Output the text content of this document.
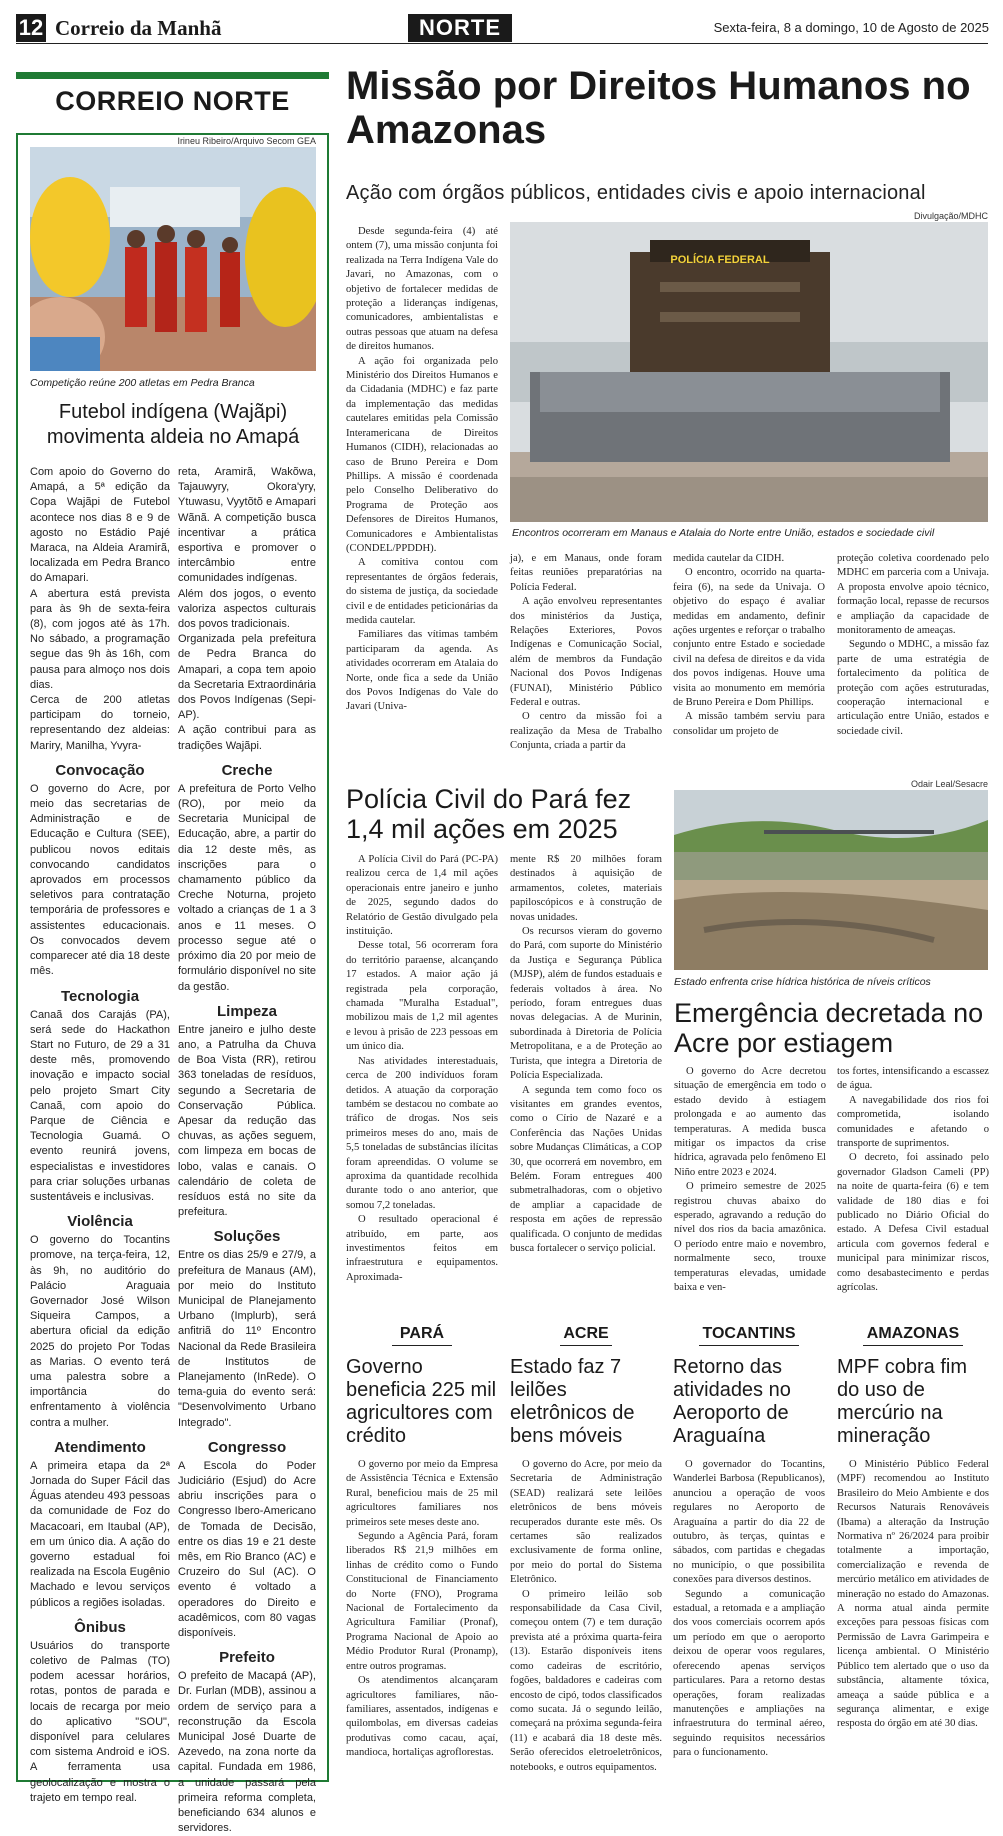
12 Correio da Manhã	NORTE	Sexta-feira, 8 a domingo, 10 de Agosto de 2025
CORREIO NORTE
Irineu Ribeiro/Arquivo Secom GEA
Competição reúne 200 atletas em Pedra Branca
Futebol indígena (Wajãpi) movimenta aldeia no Amapá

Com apoio do Governo do Amapá, a 5ª edição da Copa Wajãpi de Futebol acontece nos dias 8 e 9 de agosto no Estádio Pajé Maraca, na Aldeia Aramirã, localizada em Pedra Branco do Amapari.

A abertura está prevista para às 9h de sexta-feira (8), com jogos até às 17h. No sábado, a programação segue das 9h às 16h, com pausa para almoço nos dois dias.

Cerca de 200 atletas participam do torneio, representando dez aldeias: Mariry, Manilha, Yvyra-

Convocação

O governo do Acre, por meio das secretarias de Administração e de Educação e Cultura (SEE), publicou novos editais convocando candidatos aprovados em processos seletivos para contratação temporária de professores e assistentes educacionais. Os convocados devem comparecer até dia 18 deste mês.

Tecnologia

Canaã dos Carajás (PA), será sede do Hackathon Start no Futuro, de 29 a 31 deste mês, promovendo inovação e impacto social pelo projeto Smart City Canaã, com apoio do Parque de Ciência e Tecnologia Guamá. O evento reunirá jovens, especialistas e investidores para criar soluções urbanas sustentáveis e inclusivas.

Violência

O governo do Tocantins promove, na terça-feira, 12, às 9h, no auditório do Palácio Araguaia Governador José Wilson Siqueira Campos, a abertura oficial da edição 2025 do projeto Por Todas as Marias. O evento terá uma palestra sobre a importância do enfrentamento à violência contra a mulher.

Atendimento

A primeira etapa da 2ª Jornada do Super Fácil das Águas atendeu 493 pessoas da comunidade de Foz do Macacoari, em Itaubal (AP), em um único dia. A ação do governo estadual foi realizada na Escola Eugênio Machado e levou serviços públicos a regiões isoladas.

Ônibus

Usuários do transporte coletivo de Palmas (TO) podem acessar horários, rotas, pontos de parada e locais de recarga por meio do aplicativo "SOU", disponível para celulares com sistema Android e iOS. A ferramenta usa geolocalização e mostra o trajeto em tempo real.

reta, Aramirã, Wakõwa, Tajauwyry, Okora'yry, Ytuwasu, Vyytõtõ e Amapari Wãnã. A competição busca incentivar a prática esportiva e promover o intercâmbio entre comunidades indígenas.

Além dos jogos, o evento valoriza aspectos culturais dos povos tradicionais.

Organizada pela prefeitura de Pedra Branca do Amapari, a copa tem apoio da Secretaria Extraordinária dos Povos Indígenas (Sepi-AP).

A ação contribui para as tradições Wajãpi.

Creche

A prefeitura de Porto Velho (RO), por meio da Secretaria Municipal de Educação, abre, a partir do dia 12 deste mês, as inscrições para o chamamento público da Creche Noturna, projeto voltado a crianças de 1 a 3 anos e 11 meses. O processo segue até o próximo dia 20 por meio de formulário disponível no site da gestão.

Limpeza

Entre janeiro e julho deste ano, a Patrulha da Chuva de Boa Vista (RR), retirou 363 toneladas de resíduos, segundo a Secretaria de Conservação Pública. Apesar da redução das chuvas, as ações seguem, com limpeza em bocas de lobo, valas e canais. O calendário de coleta de resíduos está no site da prefeitura.

Soluções

Entre os dias 25/9 e 27/9, a prefeitura de Manaus (AM), por meio do Instituto Municipal de Planejamento Urbano (Implurb), será anfitriã do 11º Encontro Nacional da Rede Brasileira de Institutos de Planejamento (InRede). O tema-guia do evento será: "Desenvolvimento Urbano Integrado".

Congresso

A Escola do Poder Judiciário (Esjud) do Acre abriu inscrições para o Congresso Ibero-Americano de Tomada de Decisão, entre os dias 19 e 21 deste mês, em Rio Branco (AC) e Cruzeiro do Sul (AC). O evento é voltado a operadores do Direito e acadêmicos, com 80 vagas disponíveis.

Prefeito

O prefeito de Macapá (AP), Dr. Furlan (MDB), assinou a ordem de serviço para a reconstrução da Escola Municipal José Duarte de Azevedo, na zona norte da capital. Fundada em 1986, a unidade passará pela primeira reforma completa, beneficiando 634 alunos e servidores.

Missão por Direitos Humanos no Amazonas
Ação com órgãos públicos, entidades civis e apoio internacional
Divulgação/MDHC
POLÍCIA FEDERAL
Encontros ocorreram em Manaus e Atalaia do Norte entre União, estados e sociedade civil

Desde segunda-feira (4) até ontem (7), uma missão conjunta foi realizada na Terra Indígena Vale do Javari, no Amazonas, com o objetivo de fortalecer medidas de proteção a lideranças indígenas, comunicadores, ambientalistas e outras pessoas que atuam na defesa de direitos humanos.

A ação foi organizada pelo Ministério dos Direitos Humanos e da Cidadania (MDHC) e faz parte da implementação das medidas cautelares emitidas pela Comissão Interamericana de Direitos Humanos (CIDH), relacionadas ao caso de Bruno Pereira e Dom Phillips. A missão é coordenada pelo Conselho Deliberativo do Programa de Proteção aos Defensores de Direitos Humanos, Comunicadores e Ambientalistas (CONDEL/PPDDH).

A comitiva contou com representantes de órgãos federais, do sistema de justiça, da sociedade civil e de entidades peticionárias da medida cautelar.

Familiares das vítimas também participaram da agenda. As atividades ocorreram em Atalaia do Norte, onde fica a sede da União dos Povos Indígenas do Vale do Javari (Univa-

ja), e em Manaus, onde foram feitas reuniões preparatórias na Polícia Federal.

A ação envolveu representantes dos ministérios da Justiça, Relações Exteriores, Povos Indígenas e Comunicação Social, além de membros da Fundação Nacional dos Povos Indígenas (FUNAI), Ministério Público Federal e outras.

O centro da missão foi a realização da Mesa de Trabalho Conjunta, criada a partir da

medida cautelar da CIDH.

O encontro, ocorrido na quarta-feira (6), na sede da Univaja. O objetivo do espaço é avaliar medidas em andamento, definir ações urgentes e reforçar o trabalho conjunto entre Estado e sociedade civil na defesa de direitos e da vida dos povos indígenas. Houve uma visita ao monumento em memória de Bruno Pereira e Dom Phillips.

A missão também serviu para consolidar um projeto de

proteção coletiva coordenado pelo MDHC em parceria com a Univaja. A proposta envolve apoio técnico, formação local, repasse de recursos e ampliação da capacidade de monitoramento de ameaças.

Segundo o MDHC, a missão faz parte de uma estratégia de fortalecimento da política de proteção com ações estruturadas, cooperação internacional e articulação entre União, estados e sociedade civil.

Polícia Civil do Pará fez 1,4 mil ações em 2025

A Polícia Civil do Pará (PC-PA) realizou cerca de 1,4 mil ações operacionais entre janeiro e junho de 2025, segundo dados do Relatório de Gestão divulgado pela instituição.

Desse total, 56 ocorreram fora do território paraense, alcançando 17 estados. A maior ação já registrada pela corporação, chamada "Muralha Estadual", mobilizou mais de 1,2 mil agentes e levou à prisão de 223 pessoas em um único dia.

Nas atividades interestaduais, cerca de 200 indivíduos foram detidos. A atuação da corporação também se destacou no combate ao tráfico de drogas. Nos seis primeiros meses do ano, mais de 5,5 toneladas de substâncias ilícitas foram apreendidas. O volume se aproxima da quantidade recolhida durante todo o ano anterior, que somou 7,2 toneladas.

O resultado operacional é atribuído, em parte, aos investimentos feitos em infraestrutura e equipamentos. Aproximada-

mente R$ 20 milhões foram destinados à aquisição de armamentos, coletes, materiais papiloscópicos e à construção de novas unidades.

Os recursos vieram do governo do Pará, com suporte do Ministério da Justiça e Segurança Pública (MJSP), além de fundos estaduais e federais voltados à área. No período, foram entregues duas novas delegacias. A de Murinin, subordinada à Diretoria de Polícia Metropolitana, e a de Proteção ao Turista, que integra a Diretoria de Polícia Especializada.

A segunda tem como foco os visitantes em grandes eventos, como o Círio de Nazaré e a Conferência das Nações Unidas sobre Mudanças Climáticas, a COP 30, que ocorrerá em novembro, em Belém. Foram entregues 400 submetralhadoras, com o objetivo de ampliar a capacidade de resposta em ações de repressão qualificada. O conjunto de medidas busca fortalecer o serviço policial.

Odair Leal/Sesacre
Estado enfrenta crise hídrica histórica de níveis críticos
Emergência decretada no Acre por estiagem

O governo do Acre decretou situação de emergência em todo o estado devido à estiagem prolongada e ao aumento das temperaturas. A medida busca mitigar os impactos da crise hídrica, agravada pelo fenômeno El Niño entre 2023 e 2024.

O primeiro semestre de 2025 registrou chuvas abaixo do esperado, agravando a redução do nível dos rios da bacia amazônica. O período entre maio e novembro, normalmente seco, trouxe temperaturas elevadas, umidade baixa e ven-

tos fortes, intensificando a escassez de água.

A navegabilidade dos rios foi comprometida, isolando comunidades e afetando o transporte de suprimentos.

O decreto, foi assinado pelo governador Gladson Cameli (PP) na noite de quarta-feira (6) e tem validade de 180 dias e foi publicado no Diário Oficial do estado. A Defesa Civil estadual articula com governos federal e municipal para minimizar riscos, como desabastecimento e perdas agrícolas.

PARÁ
Governo beneficia 225 mil agricultores com crédito

O governo por meio da Empresa de Assistência Técnica e Extensão Rural, beneficiou mais de 25 mil agricultores familiares nos primeiros sete meses deste ano.

Segundo a Agência Pará, foram liberados R$ 21,9 milhões em linhas de crédito como o Fundo Constitucional de Financiamento do Norte (FNO), Programa Nacional de Fortalecimento da Agricultura Familiar (Pronaf), Programa Nacional de Apoio ao Médio Produtor Rural (Pronamp), entre outros programas.

Os atendimentos alcançaram agricultores familiares, não-familiares, assentados, indígenas e quilombolas, em diversas cadeias produtivas como cacau, açaí, mandioca, hortaliças agroflorestas.

ACRE
Estado faz 7 leilões eletrônicos de bens móveis

O governo do Acre, por meio da Secretaria de Administração (SEAD) realizará sete leilões eletrônicos de bens móveis recuperados durante este mês. Os certames são realizados exclusivamente de forma online, por meio do portal do Sistema Eletrônico.

O primeiro leilão sob responsabilidade da Casa Civil, começou ontem (7) e tem duração prevista até a próxima quarta-feira (13). Estarão disponíveis itens como cadeiras de escritório, fogões, baldadores e cadeiras com encosto de cipó, todos classificados como sucata. Já o segundo leilão, começará na próxima segunda-feira (11) e acabará dia 18 deste mês. Serão oferecidos eletroeletrônicos, notebooks, e outros equipamentos.

TOCANTINS
Retorno das atividades no Aeroporto de Araguaína

O governador do Tocantins, Wanderlei Barbosa (Republicanos), anunciou a operação de voos regulares no Aeroporto de Araguaína a partir do dia 22 de outubro, às terças, quintas e sábados, com partidas e chegadas no município, o que possibilita conexões para diversos destinos.

Segundo a comunicação estadual, a retomada e a ampliação dos voos comerciais ocorrem após um período em que o aeroporto deixou de operar voos regulares, oferecendo apenas serviços particulares. Para a retorno destas operações, foram realizadas manutenções e ampliações na infraestrutura do terminal aéreo, seguindo requisitos necessários para o funcionamento.

AMAZONAS
MPF cobra fim do uso de mercúrio na mineração

O Ministério Público Federal (MPF) recomendou ao Instituto Brasileiro do Meio Ambiente e dos Recursos Naturais Renováveis (Ibama) a alteração da Instrução Normativa nº 26/2024 para proibir totalmente a importação, comercialização e revenda de mercúrio metálico em atividades de mineração no estado do Amazonas. A norma atual ainda permite exceções para pessoas físicas com Permissão de Lavra Garimpeira e licença ambiental. O Ministério Público tem alertado que o uso da substância, altamente tóxica, ameaça a saúde pública e a segurança alimentar, e exige resposta do órgão em até 30 dias.
